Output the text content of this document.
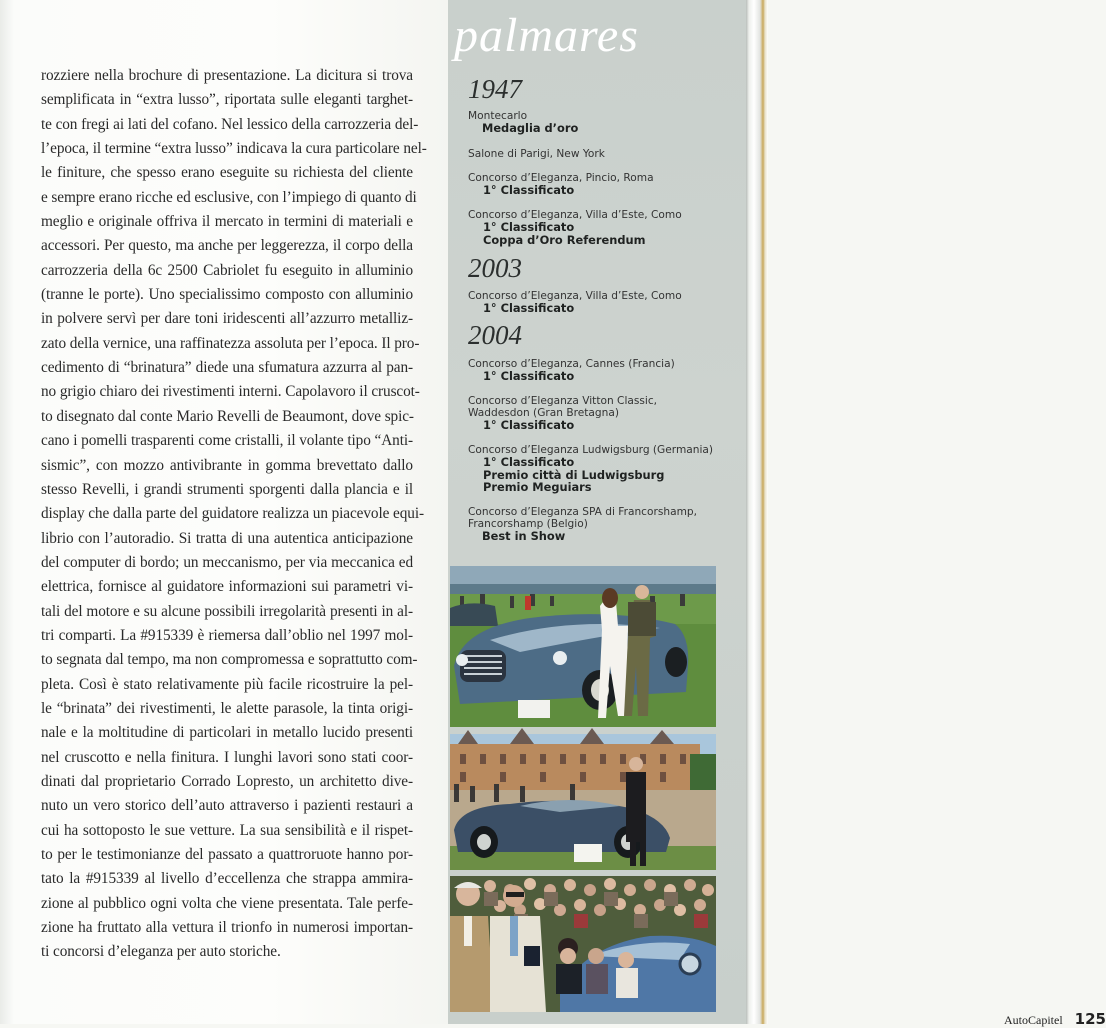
rozziere nella brochure di presentazione. La dicitura si trova
semplificata in “extra lusso”, riportata sulle eleganti targhet-
te con fregi ai lati del cofano. Nel lessico della carrozzeria del-
l’epoca, il termine “extra lusso” indicava la cura particolare nel-
le finiture, che spesso erano eseguite su richiesta del cliente
e sempre erano ricche ed esclusive, con l’impiego di quanto di
meglio e originale offriva il mercato in termini di materiali e
accessori. Per questo, ma anche per leggerezza, il corpo della
carrozzeria della 6c 2500 Cabriolet fu eseguito in alluminio
(tranne le porte). Uno specialissimo composto con alluminio
in polvere servì per dare toni iridescenti all’azzurro metalliz-
zato della vernice, una raffinatezza assoluta per l’epoca. Il pro-
cedimento di “brinatura” diede una sfumatura azzurra al pan-
no grigio chiaro dei rivestimenti interni. Capolavoro il cruscot-
to disegnato dal conte Mario Revelli de Beaumont, dove spic-
cano i pomelli trasparenti come cristalli, il volante tipo “Anti-
sismic”, con mozzo antivibrante in gomma brevettato dallo
stesso Revelli, i grandi strumenti sporgenti dalla plancia e il
display che dalla parte del guidatore realizza un piacevole equi-
librio con l’autoradio. Si tratta di una autentica anticipazione
del computer di bordo; un meccanismo, per via meccanica ed
elettrica, fornisce al guidatore informazioni sui parametri vi-
tali del motore e su alcune possibili irregolarità presenti in al-
tri comparti. La #915339 è riemersa dall’oblio nel 1997 mol-
to segnata dal tempo, ma non compromessa e soprattutto com-
pleta. Così è stato relativamente più facile ricostruire la pel-
le “brinata” dei rivestimenti, le alette parasole, la tinta origi-
nale e la moltitudine di particolari in metallo lucido presenti
nel cruscotto e nella finitura. I lunghi lavori sono stati coor-
dinati dal proprietario Corrado Lopresto, un architetto dive-
nuto un vero storico dell’auto attraverso i pazienti restauri a
cui ha sottoposto le sue vetture. La sua sensibilità e il rispet-
to per le testimonianze del passato a quattroruote hanno por-
tato la #915339 al livello d’eccellenza che strappa ammira-
zione al pubblico ogni volta che viene presentata. Tale perfe-
zione ha fruttato alla vettura il trionfo in numerosi importan-
ti concorsi d’eleganza per auto storiche.
palmares
1947
Montecarlo
Medaglia d’oro
Salone di Parigi, New York
Concorso d’Eleganza, Pincio, Roma
1° Classificato
Concorso d’Eleganza, Villa d’Este, Como
1° Classificato
Coppa d’Oro Referendum
2003
Concorso d’Eleganza, Villa d’Este, Como
1° Classificato
2004
Concorso d’Eleganza, Cannes (Francia)
1° Classificato
Concorso d’Eleganza Vitton Classic,
Waddesdon (Gran Bretagna)
1° Classificato
Concorso d’Eleganza Ludwigsburg (Germania)
1° Classificato
Premio città di Ludwigsburg
Premio Meguiars
Concorso d’Eleganza SPA di Francorshamp,
Francorshamp (Belgio)
Best in Show
AutoCapitel 125
